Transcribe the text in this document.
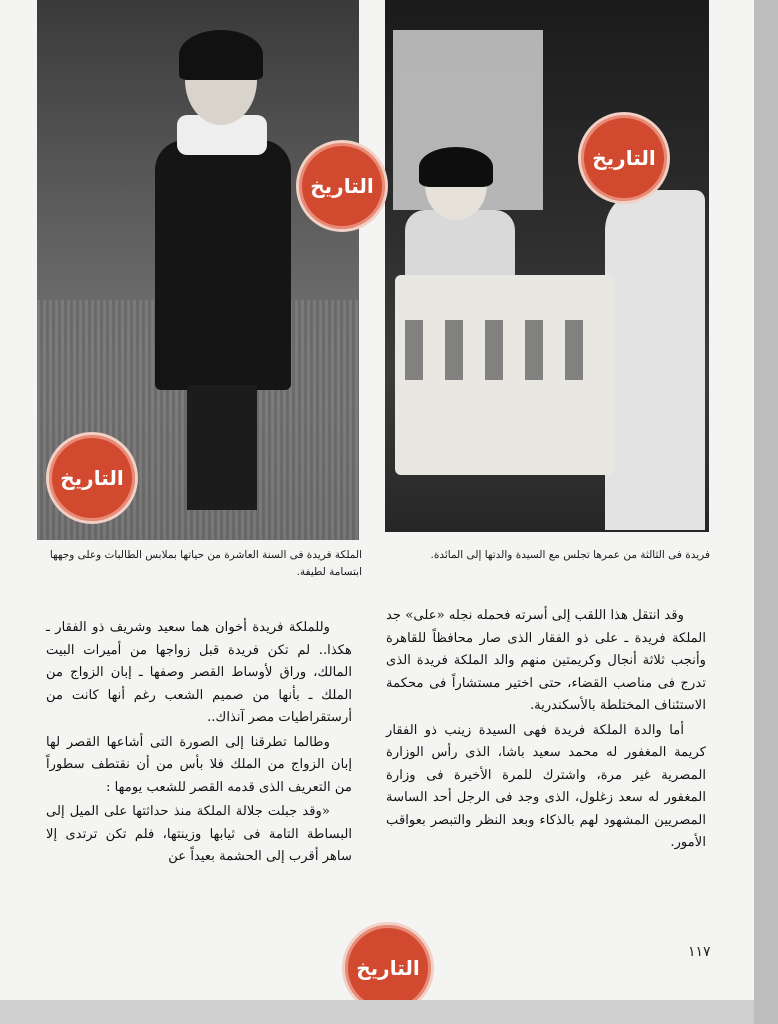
التاريخ
التاريخ
التاريخ
التاريخ
الملكة فريدة فى السنة العاشرة من حياتها بملابس الطالبات وعلى وجهها ابتسامة لطيفة.
فريدة فى الثالثة من عمرها تجلس مع السيدة والدتها إلى المائدة.

وقد انتقل هذا اللقب إلى أسرته فحمله نجله «على» جد الملكة فريدة ـ على ذو الفقار الذى صار محافظاً للقاهرة وأنجب ثلاثة أنجال وكريمتين منهم والد الملكة فريدة الذى تدرج فى مناصب القضاء، حتى اختير مستشاراً فى محكمة الاستئناف المختلطة بالأسكندرية.

أما والدة الملكة فريدة فهى السيدة زينب ذو الفقار كريمة المغفور له محمد سعيد باشا، الذى رأس الوزارة المصرية غير مرة، واشترك للمرة الأخيرة فى وزارة المغفور له سعد زغلول، الذى وجد فى الرجل أحد الساسة المصريين المشهود لهم بالذكاء وبعد النظر والتبصر بعواقب الأمور.

وللملكة فريدة أخوان هما سعيد وشريف ذو الفقار ـ هكذا.. لم تكن فريدة قبل زواجها من أميرات البيت المالك، وراق لأوساط القصر وصفها ـ إبان الزواج من الملك ـ بأنها من صميم الشعب رغم أنها كانت من أرستقراطيات مصر آنذاك..

وطالما تطرقنا إلى الصورة التى أشاعها القصر لها إبان الزواج من الملك فلا بأس من أن نقتطف سطوراً من التعريف الذى قدمه القصر للشعب يومها :

«وقد جبلت جلالة الملكة منذ حداثتها على الميل إلى البساطة التامة فى ثيابها وزينتها، فلم تكن ترتدى إلا ساهر أقرب إلى الحشمة بعيداً عن

١١٧
